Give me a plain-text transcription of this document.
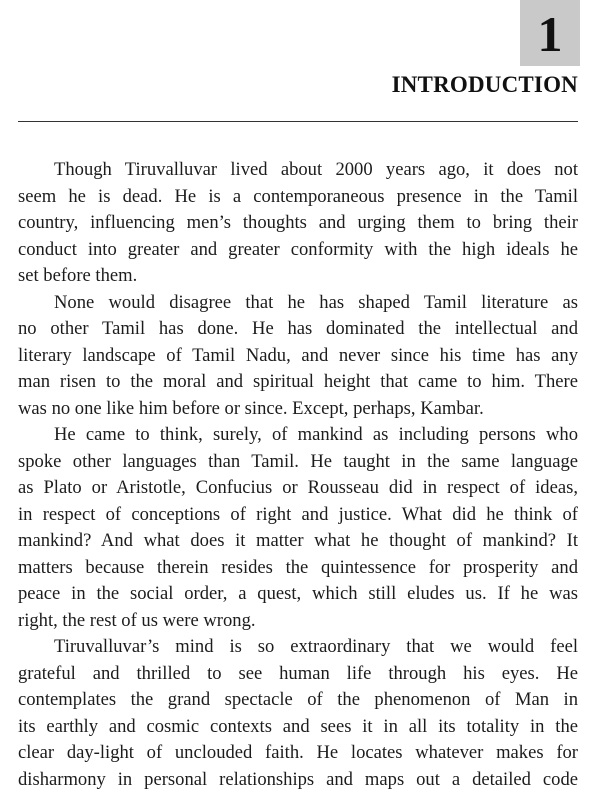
1
INTRODUCTION
Though Tiruvalluvar lived about 2000 years ago, it does not
seem he is dead. He is a contemporaneous presence in the Tamil
country, influencing men’s thoughts and urging them to bring their
conduct into greater and greater conformity with the high ideals he
set before them.
None would disagree that he has shaped Tamil literature as
no other Tamil has done. He has dominated the intellectual and
literary landscape of Tamil Nadu, and never since his time has any
man risen to the moral and spiritual height that came to him. There
was no one like him before or since. Except, perhaps, Kambar.
He came to think, surely, of mankind as including persons who
spoke other languages than Tamil. He taught in the same language
as Plato or Aristotle, Confucius or Rousseau did in respect of ideas,
in respect of conceptions of right and justice. What did he think of
mankind? And what does it matter what he thought of mankind? It
matters because therein resides the quintessence for prosperity and
peace in the social order, a quest, which still eludes us. If he was
right, the rest of us were wrong.
Tiruvalluvar’s mind is so extraordinary that we would feel
grateful and thrilled to see human life through his eyes. He
contemplates the grand spectacle of the phenomenon of Man in
its earthly and cosmic contexts and sees it in all its totality in the
clear day-light of unclouded faith. He locates whatever makes for
disharmony in personal relationships and maps out a detailed code
